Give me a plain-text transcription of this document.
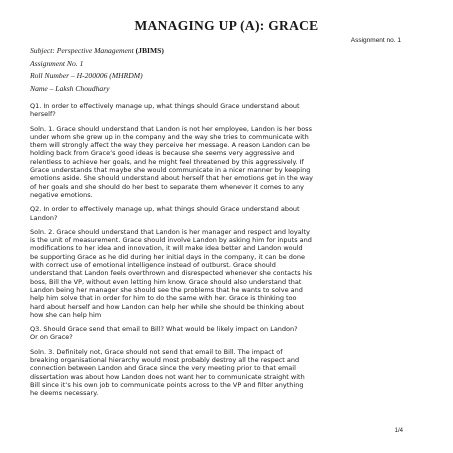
MANAGING UP (A): GRACE
Assignment no. 1
Subject: Perspective Management (JBIMS)
Assignment No. 1
Roll Number – H-200006 (MHRDM)
Name – Laksh Choudhary
Q1. In order to effectively manage up, what things should Grace understand about
herself?
Soln. 1. Grace should understand that Landon is not her employee, Landon is her boss
under whom she grew up in the company and the way she tries to communicate with
them will strongly affect the way they perceive her message. A reason Landon can be
holding back from Grace’s good ideas is because she seems very aggressive and
relentless to achieve her goals, and he might feel threatened by this aggressively. If
Grace understands that maybe she would communicate in a nicer manner by keeping
emotions aside. She should understand about herself that her emotions get in the way
of her goals and she should do her best to separate them whenever it comes to any
negative emotions.
Q2. In order to effectively manage up, what things should Grace understand about
Landon?
Soln. 2. Grace should understand that Landon is her manager and respect and loyalty
is the unit of measurement. Grace should involve Landon by asking him for inputs and
modifications to her idea and innovation, it will make idea better and Landon would
be supporting Grace as he did during her initial days in the company, it can be done
with correct use of emotional intelligence instead of outburst. Grace should
understand that Landon feels overthrown and disrespected whenever she contacts his
boss, Bill the VP, without even letting him know. Grace should also understand that
Landon being her manager she should see the problems that he wants to solve and
help him solve that in order for him to do the same with her. Grace is thinking too
hard about herself and how Landon can help her while she should be thinking about
how she can help him
Q3. Should Grace send that email to Bill? What would be likely impact on Landon?
Or on Grace?
Soln. 3. Definitely not, Grace should not send that email to Bill. The impact of
breaking organisational hierarchy would most probably destroy all the respect and
connection between Landon and Grace since the very meeting prior to that email
dissertation was about how Landon does not want her to communicate straight with
Bill since it’s his own job to communicate points across to the VP and filter anything
he deems necessary.
1/4
